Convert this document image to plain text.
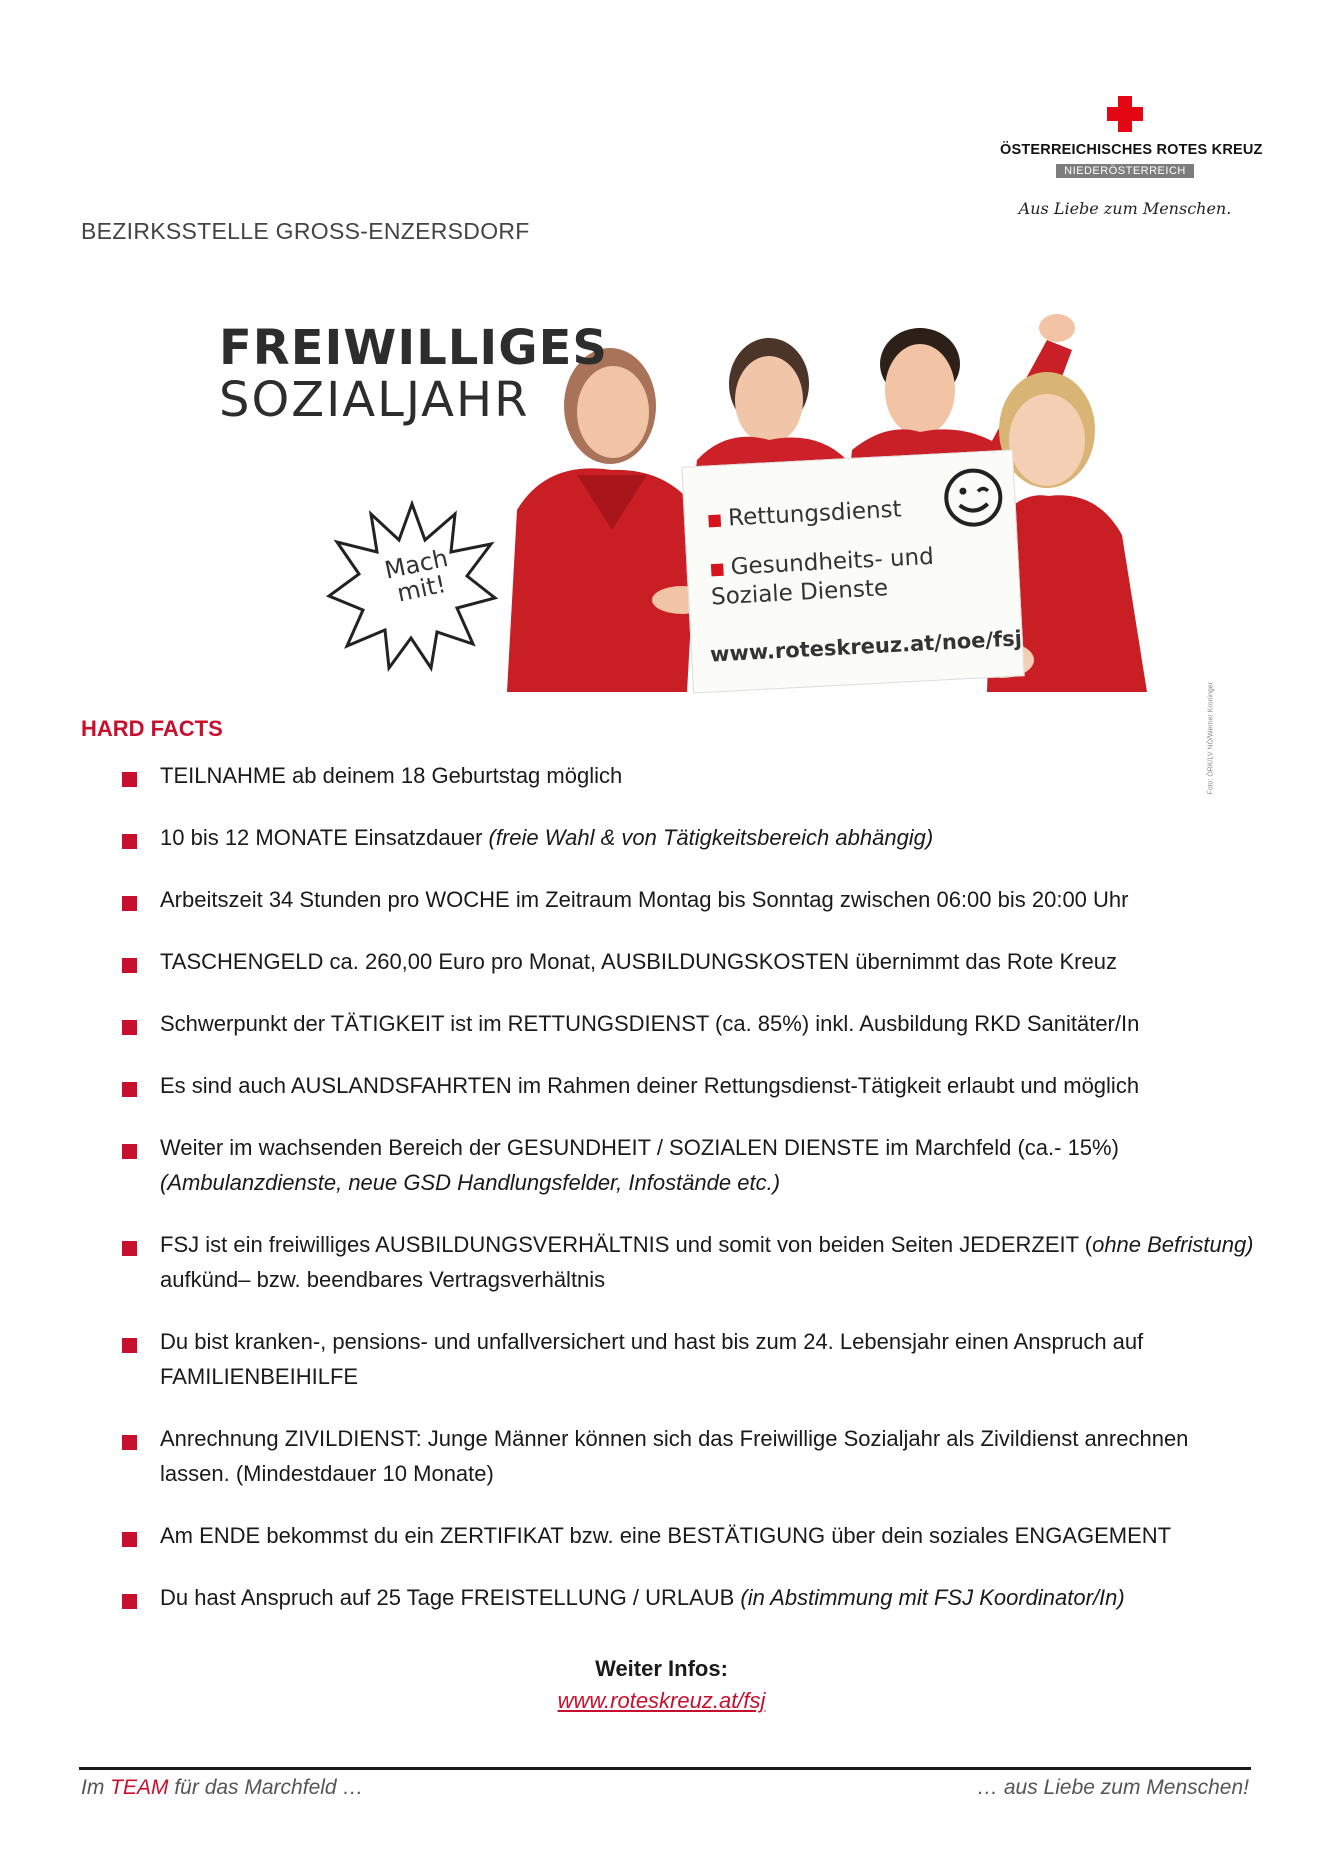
ÖSTERREICHISCHES ROTES KREUZ
NIEDERÖSTERREICH
Aus Liebe zum Menschen.
BEZIRKSSTELLE GROSS-ENZERSDORF
FREIWILLIGES
SOZIALJAHR
Mach mit!
■ Rettungsdienst
■ Gesundheits- und
Soziale Dienste
www.roteskreuz.at/noe/fsj
Foto: ÖRK/LV NÖ/Werner Kroninger
HARD FACTS
TEILNAHME ab deinem 18 Geburtstag möglich
10 bis 12 MONATE Einsatzdauer (freie Wahl & von Tätigkeitsbereich abhängig)
Arbeitszeit 34 Stunden pro WOCHE im Zeitraum Montag bis Sonntag zwischen 06:00 bis 20:00 Uhr
TASCHENGELD ca. 260,00 Euro pro Monat, AUSBILDUNGSKOSTEN übernimmt das Rote Kreuz
Schwerpunkt der TÄTIGKEIT ist im RETTUNGSDIENST (ca. 85%) inkl. Ausbildung RKD Sanitäter/In
Es sind auch AUSLANDSFAHRTEN im Rahmen deiner Rettungsdienst-Tätigkeit erlaubt und möglich
Weiter im wachsenden Bereich der GESUNDHEIT / SOZIALEN DIENSTE im Marchfeld (ca.- 15%) (Ambulanzdienste, neue GSD Handlungsfelder, Infostände etc.)
FSJ ist ein freiwilliges AUSBILDUNGSVERHÄLTNIS und somit von beiden Seiten JEDERZEIT (ohne Befristung) aufkünd– bzw. beendbares Vertragsverhältnis
Du bist kranken-, pensions- und unfallversichert und hast bis zum 24. Lebensjahr einen Anspruch auf FAMILIENBEIHILFE
Anrechnung ZIVILDIENST: Junge Männer können sich das Freiwillige Sozialjahr als Zivildienst anrechnen lassen. (Mindestdauer 10 Monate)
Am ENDE bekommst du ein ZERTIFIKAT bzw. eine BESTÄTIGUNG über dein soziales ENGAGEMENT
Du hast Anspruch auf 25 Tage FREISTELLUNG / URLAUB (in Abstimmung mit FSJ Koordinator/In)
Weiter Infos:
www.roteskreuz.at/fsj
Im TEAM für das Marchfeld …	… aus Liebe zum Menschen!
